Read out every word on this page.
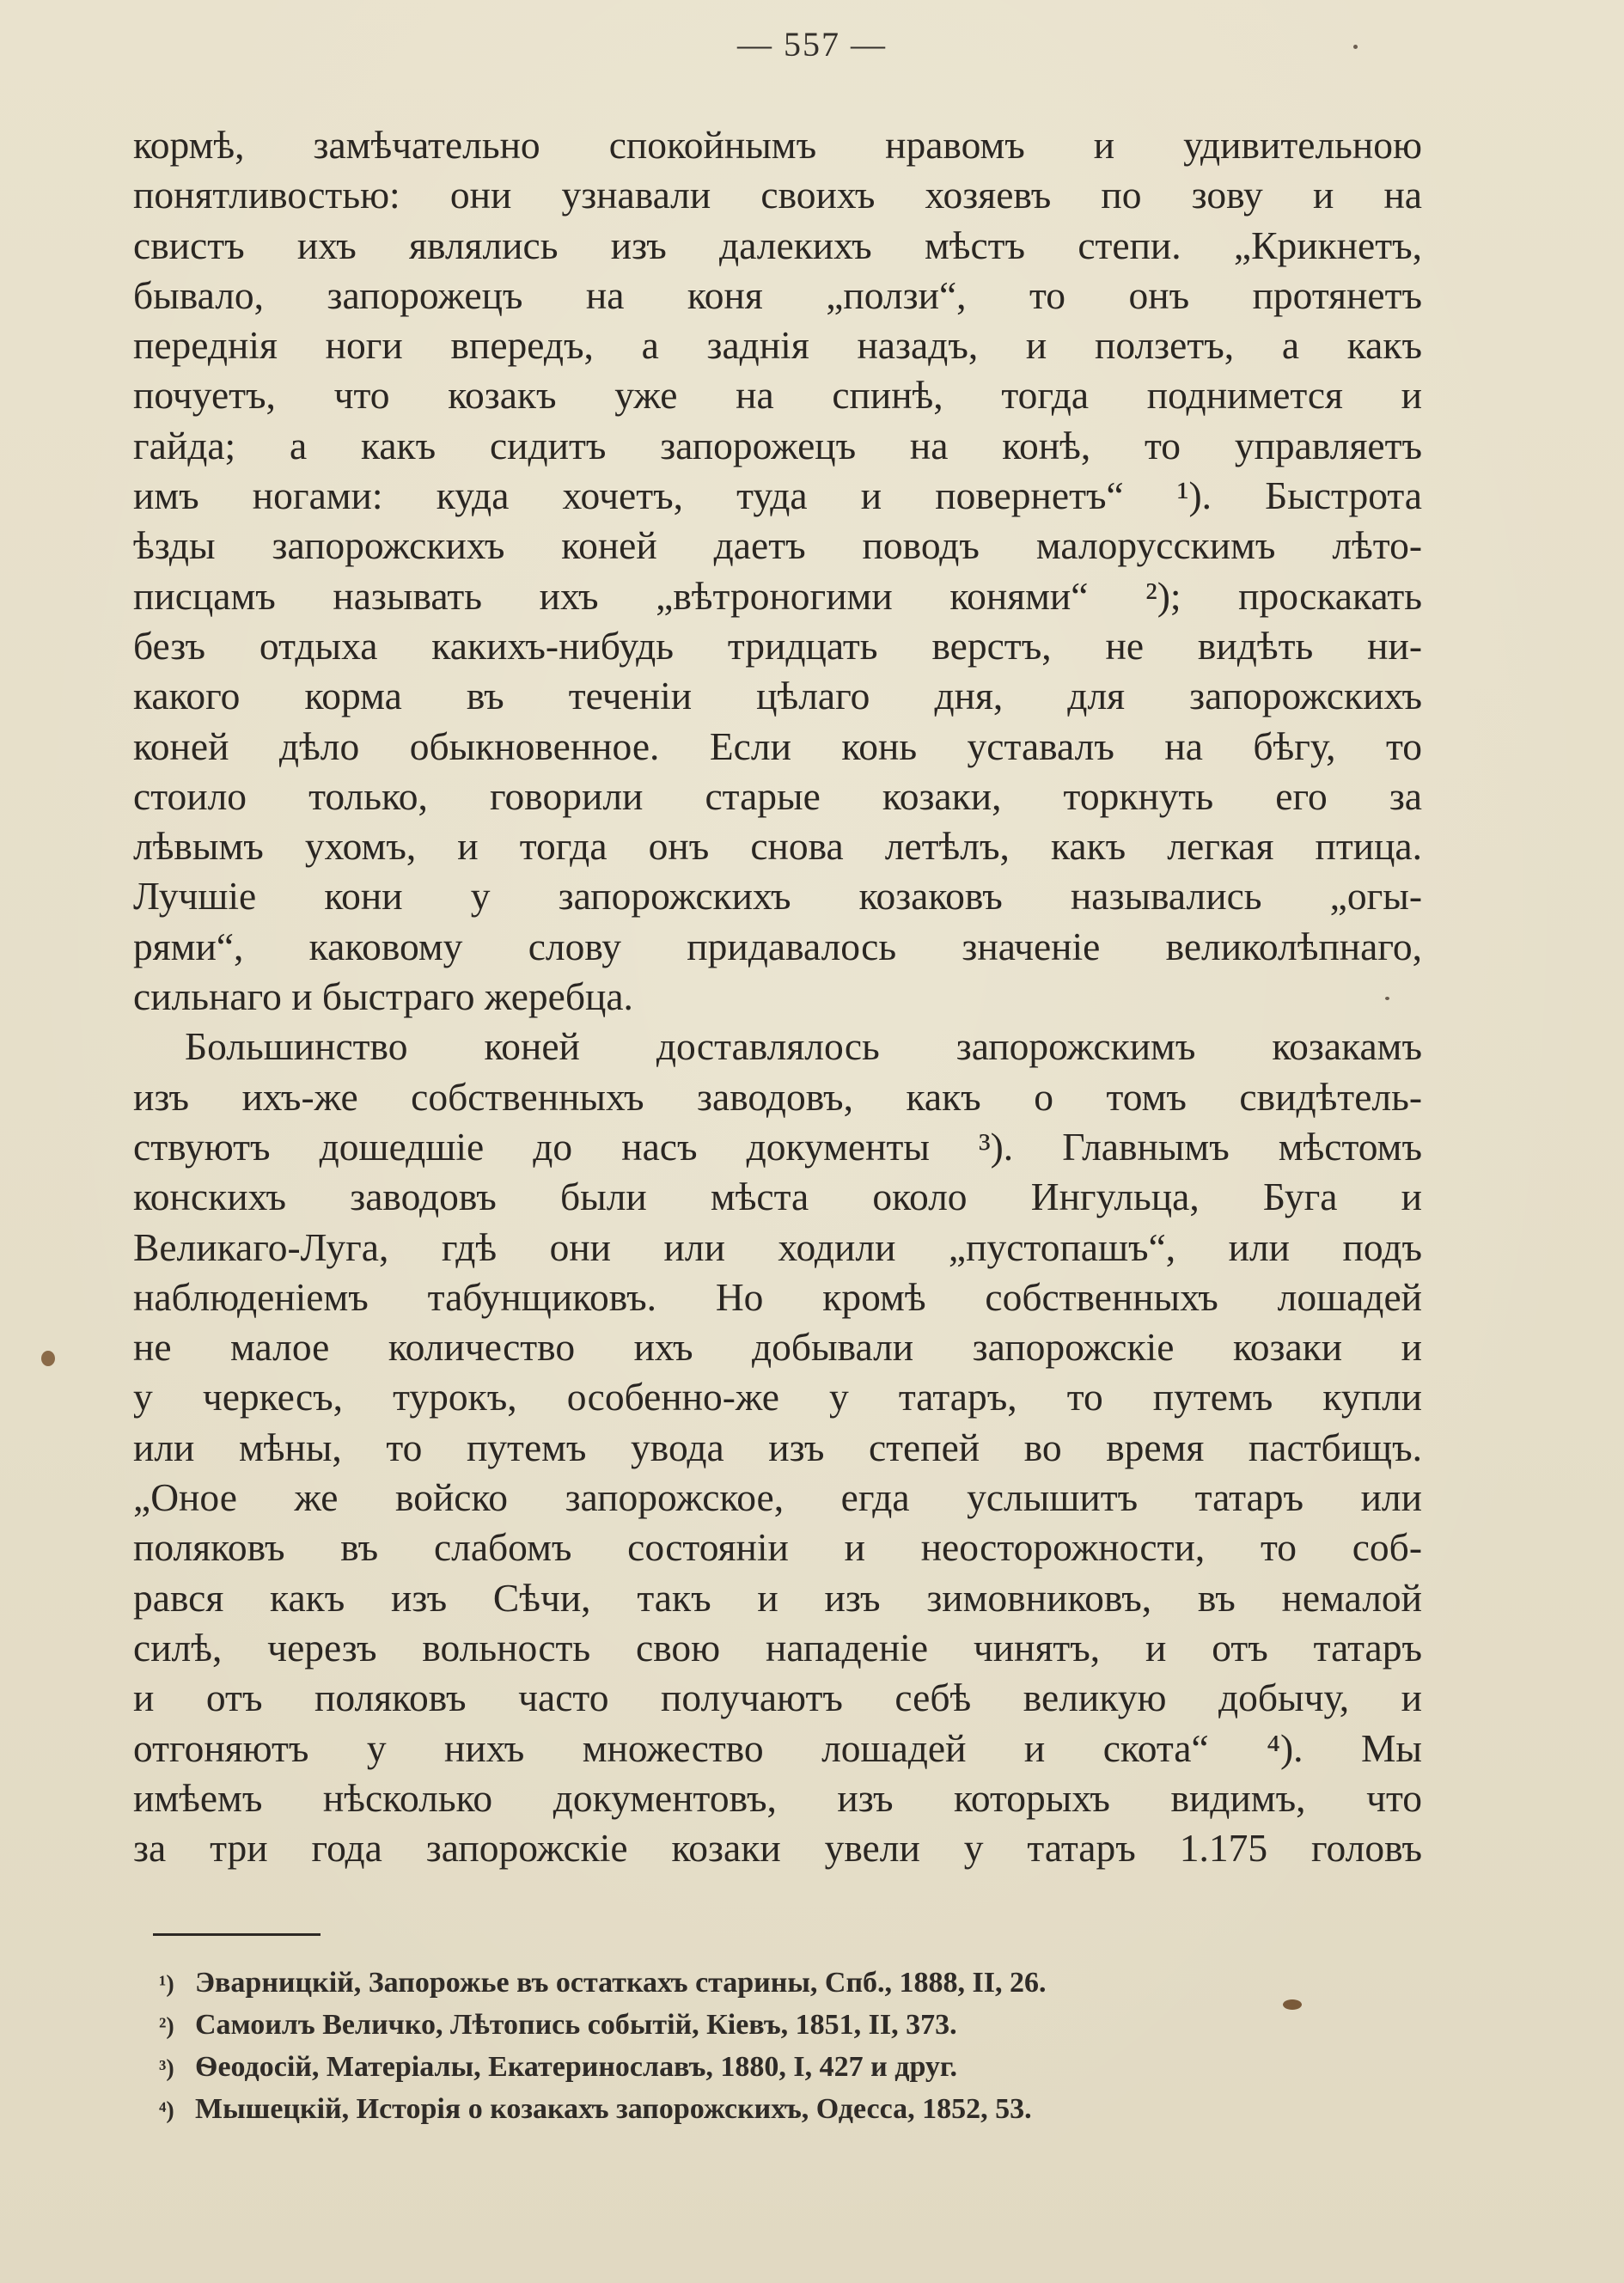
— 557 —
кормѣ, замѣчательно спокойнымъ нравомъ и удивительною
понятливостью: они узнавали своихъ хозяевъ по зову и на
свистъ ихъ являлись изъ далекихъ мѣстъ степи. „Крикнетъ,
бывало, запорожецъ на коня „ползи“, то онъ протянетъ
переднія ноги впередъ, а заднія назадъ, и ползетъ, а какъ
почуетъ, что козакъ уже на спинѣ, тогда поднимется и
гайда; а какъ сидитъ запорожецъ на конѣ, то управляетъ
имъ ногами: куда хочетъ, туда и повернетъ“ ¹). Быстрота
ѣзды запорожскихъ коней даетъ поводъ малорусскимъ лѣто-
писцамъ называть ихъ „вѣтроногими конями“ ²); проскакать
безъ отдыха какихъ-нибудь тридцать верстъ, не видѣть ни-
какого корма въ теченіи цѣлаго дня, для запорожскихъ
коней дѣло обыкновенное. Если конь уставалъ на бѣгу, то
стоило только, говорили старые козаки, торкнуть его за
лѣвымъ ухомъ, и тогда онъ снова летѣлъ, какъ легкая птица.
Лучшіе кони у запорожскихъ козаковъ назывались „огы-
рями“, каковому слову придавалось значеніе великолѣпнаго,
сильнаго и быстраго жеребца.
Большинство коней доставлялось запорожскимъ козакамъ
изъ ихъ-же собственныхъ заводовъ, какъ о томъ свидѣтель-
ствуютъ дошедшіе до насъ документы ³). Главнымъ мѣстомъ
конскихъ заводовъ были мѣста около Ингульца, Буга и
Великаго-Луга, гдѣ они или ходили „пустопашъ“, или подъ
наблюденіемъ табунщиковъ. Но кромѣ собственныхъ лошадей
не малое количество ихъ добывали запорожскіе козаки и
у черкесъ, турокъ, особенно-же у татаръ, то путемъ купли
или мѣны, то путемъ увода изъ степей во время пастбищъ.
„Оное же войско запорожское, егда услышитъ татаръ или
поляковъ въ слабомъ состояніи и неосторожности, то соб-
рався какъ изъ Сѣчи, такъ и изъ зимовниковъ, въ немалой
силѣ, черезъ вольность свою нападеніе чинятъ, и отъ татаръ
и отъ поляковъ часто получаютъ себѣ великую добычу, и
отгоняютъ у нихъ множество лошадей и скота“ ⁴). Мы
имѣемъ нѣсколько документовъ, изъ которыхъ видимъ, что
за три года запорожскіе козаки увели у татаръ 1.175 головъ
¹) Эварницкій, Запорожье въ остаткахъ старины, Спб., 1888, II, 26.
²) Самоилъ Величко, Лѣтопись событій, Кіевъ, 1851, II, 373.
³) Ѳеодосій, Матеріалы, Екатеринославъ, 1880, I, 427 и друг.
⁴) Мышецкій, Исторія о козакахъ запорожскихъ, Одесса, 1852, 53.
